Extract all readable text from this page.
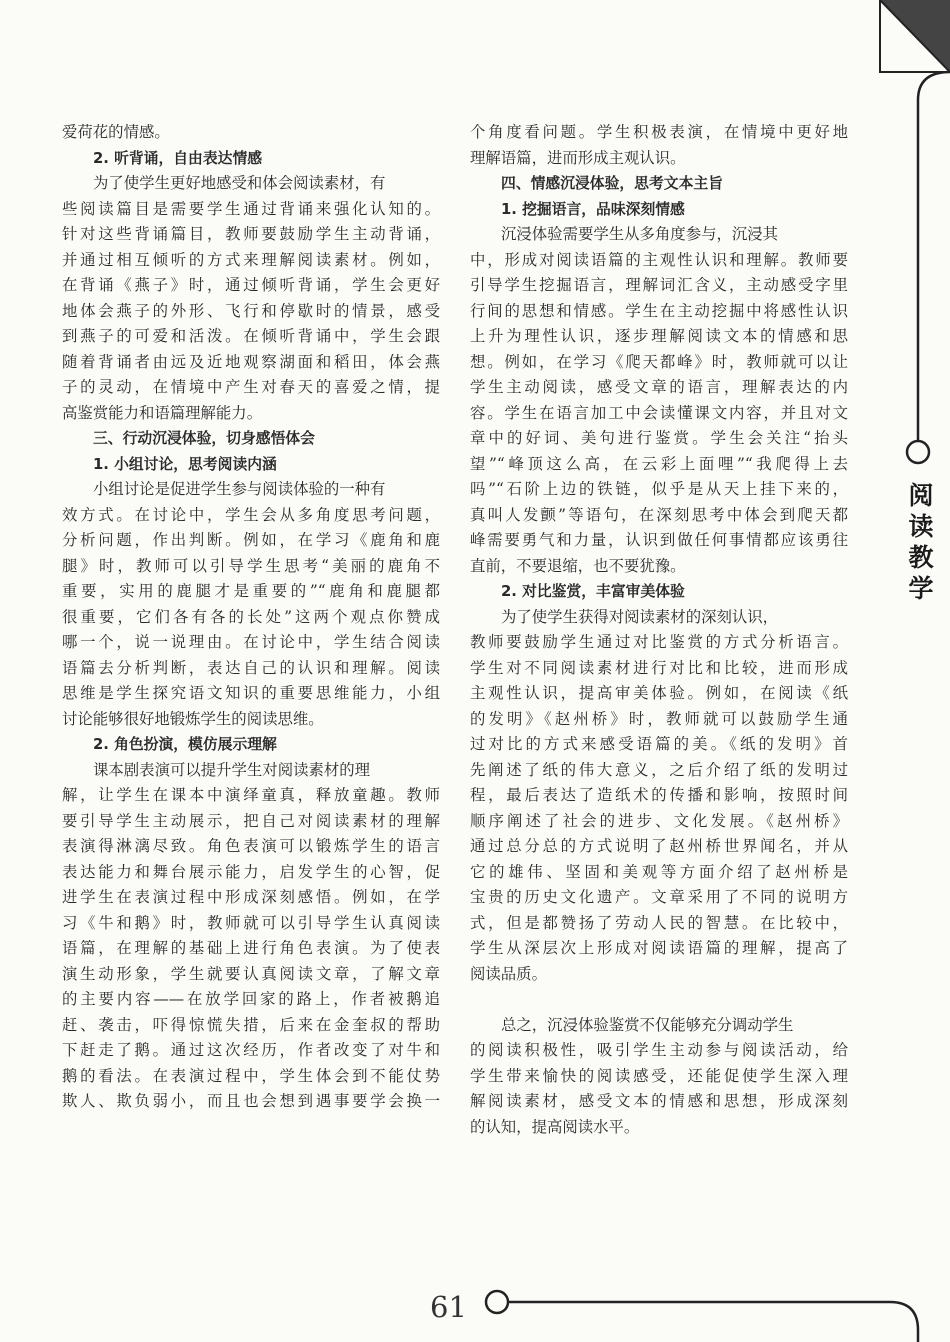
阅
读
教
学
爱荷花的情感。
2. 听背诵，自由表达情感
为了使学生更好地感受和体会阅读素材，有
些阅读篇目是需要学生通过背诵来强化认知的。
针对这些背诵篇目，教师要鼓励学生主动背诵，
并通过相互倾听的方式来理解阅读素材。例如，
在背诵《燕子》时，通过倾听背诵，学生会更好
地体会燕子的外形、飞行和停歇时的情景，感受
到燕子的可爱和活泼。在倾听背诵中，学生会跟
随着背诵者由远及近地观察湖面和稻田，体会燕
子的灵动，在情境中产生对春天的喜爱之情，提
高鉴赏能力和语篇理解能力。
三、行动沉浸体验，切身感悟体会
1. 小组讨论，思考阅读内涵
小组讨论是促进学生参与阅读体验的一种有
效方式。在讨论中，学生会从多角度思考问题，
分析问题，作出判断。例如，在学习《鹿角和鹿
腿》时，教师可以引导学生思考“美丽的鹿角不
重要，实用的鹿腿才是重要的”“鹿角和鹿腿都
很重要，它们各有各的长处”这两个观点你赞成
哪一个，说一说理由。在讨论中，学生结合阅读
语篇去分析判断，表达自己的认识和理解。阅读
思维是学生探究语文知识的重要思维能力，小组
讨论能够很好地锻炼学生的阅读思维。
2. 角色扮演，模仿展示理解
课本剧表演可以提升学生对阅读素材的理
解，让学生在课本中演绎童真，释放童趣。教师
要引导学生主动展示，把自己对阅读素材的理解
表演得淋漓尽致。角色表演可以锻炼学生的语言
表达能力和舞台展示能力，启发学生的心智，促
进学生在表演过程中形成深刻感悟。例如，在学
习《牛和鹅》时，教师就可以引导学生认真阅读
语篇，在理解的基础上进行角色表演。为了使表
演生动形象，学生就要认真阅读文章，了解文章
的主要内容——在放学回家的路上，作者被鹅追
赶、袭击，吓得惊慌失措，后来在金奎叔的帮助
下赶走了鹅。通过这次经历，作者改变了对牛和
鹅的看法。在表演过程中，学生体会到不能仗势
欺人、欺负弱小，而且也会想到遇事要学会换一
个角度看问题。学生积极表演，在情境中更好地
理解语篇，进而形成主观认识。
四、情感沉浸体验，思考文本主旨
1. 挖掘语言，品味深刻情感
沉浸体验需要学生从多角度参与，沉浸其
中，形成对阅读语篇的主观性认识和理解。教师要
引导学生挖掘语言，理解词汇含义，主动感受字里
行间的思想和情感。学生在主动挖掘中将感性认识
上升为理性认识，逐步理解阅读文本的情感和思
想。例如，在学习《爬天都峰》时，教师就可以让
学生主动阅读，感受文章的语言，理解表达的内
容。学生在语言加工中会读懂课文内容，并且对文
章中的好词、美句进行鉴赏。学生会关注“抬头
望”“峰顶这么高，在云彩上面哩”“我爬得上去
吗”“石阶上边的铁链，似乎是从天上挂下来的，
真叫人发颤”等语句，在深刻思考中体会到爬天都
峰需要勇气和力量，认识到做任何事情都应该勇往
直前，不要退缩，也不要犹豫。
2. 对比鉴赏，丰富审美体验
为了使学生获得对阅读素材的深刻认识，
教师要鼓励学生通过对比鉴赏的方式分析语言。
学生对不同阅读素材进行对比和比较，进而形成
主观性认识，提高审美体验。例如，在阅读《纸
的发明》《赵州桥》时，教师就可以鼓励学生通
过对比的方式来感受语篇的美。《纸的发明》首
先阐述了纸的伟大意义，之后介绍了纸的发明过
程，最后表达了造纸术的传播和影响，按照时间
顺序阐述了社会的进步、文化发展。《赵州桥》
通过总分总的方式说明了赵州桥世界闻名，并从
它的雄伟、坚固和美观等方面介绍了赵州桥是
宝贵的历史文化遗产。文章采用了不同的说明方
式，但是都赞扬了劳动人民的智慧。在比较中，
学生从深层次上形成对阅读语篇的理解，提高了
阅读品质。
总之，沉浸体验鉴赏不仅能够充分调动学生
的阅读积极性，吸引学生主动参与阅读活动，给
学生带来愉快的阅读感受，还能促使学生深入理
解阅读素材，感受文本的情感和思想，形成深刻
的认知，提高阅读水平。
61
